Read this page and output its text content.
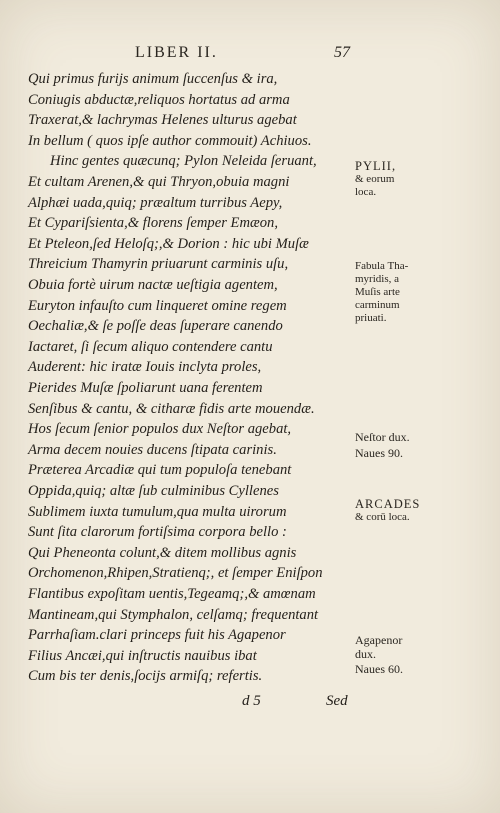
LIBER II.	57
Qui primus furijs animum ſuccenſus & ira,
Coniugis abductæ,reliquos hortatus ad arma
Traxerat,& lachrymas Helenes ulturus agebat
In bellum ( quos ipſe author commouit) Achiuos.
Hinc gentes quæcunq; Pylon Neleida ſeruant,
Et cultam Arenen,& qui Thryon,obuia magni
Alphæi uada,quiq; præaltum turribus Aepy,
Et Cypariſsienta,& florens ſemper Emæon,
Et Pteleon,ſed Heloſq;,& Dorion : hic ubi Muſæ
Threicium Thamyrin priuarunt carminis uſu,
Obuia fortè uirum nactæ ueſtigia agentem,
Euryton infauſto cum linqueret omine regem
Oechaliæ,& ſe poſſe deas ſuperare canendo
Iactaret, ſi ſecum aliquo contendere cantu
Auderent: hic iratæ Iouis inclyta proles,
Pierides Muſæ ſpoliarunt uana ferentem
Senſibus & cantu, & citharæ fidis arte mouendæ.
Hos ſecum ſenior populos dux Neſtor agebat,
Arma decem nouies ducens ſtipata carinis.
Præterea Arcadiæ qui tum populoſa tenebant
Oppida,quiq; altæ ſub culminibus Cyllenes
Sublimem iuxta tumulum,qua multa uirorum
Sunt ſita clarorum fortiſsima corpora bello :
Qui Pheneonta colunt,& ditem mollibus agnis
Orchomenon,Rhipen,Stratienq;, et ſemper Eniſpon
Flantibus expoſitam uentis,Tegeamq;,& amœnam
Mantineam,qui Stymphalon, celſamq; frequentant
Parrhaſiam.clari princeps fuit his Agapenor
Filius Ancæi,qui inſtructis nauibus ibat
Cum bis ter denis,ſocijs armiſq; refertis.
PYLII,
& eorum
loca.
Fabula Tha-
myridis, a
Muſis arte
carminum
priuati.
Neſtor dux.
Naues 90.
ARCADES
& corū loca.
Agapenor
dux.
Naues 60.
d 5	Sed
